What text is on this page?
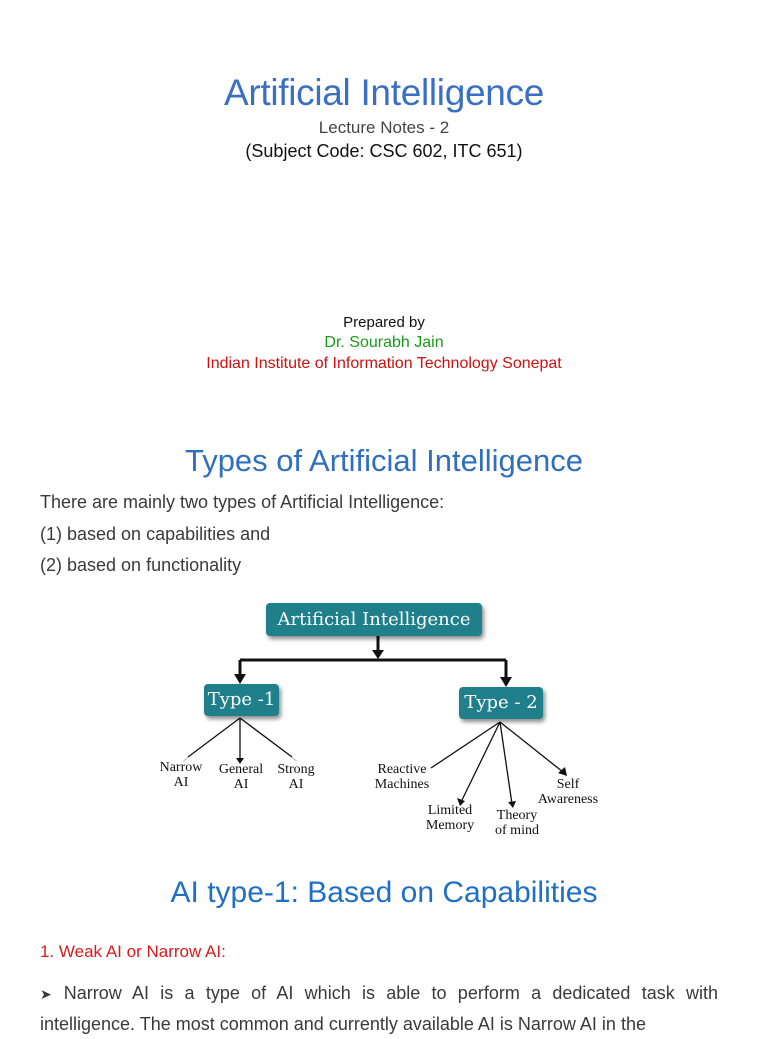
Artificial Intelligence
Lecture Notes - 2
(Subject Code: CSC 602, ITC 651)
Prepared by
Dr. Sourabh Jain
Indian Institute of Information Technology Sonepat
Types of Artificial Intelligence
There are mainly two types of Artificial Intelligence:
(1) based on capabilities and
(2) based on functionality
Artificial Intelligence
Type -1	Type - 2
Narrow
AI
General
AI
Strong
AI
Reactive
Machines
Limited
Memory
Theory
of mind
Self
Awareness
AI type-1: Based on Capabilities
1. Weak AI or Narrow AI:
➤ Narrow AI is a type of AI which is able to perform a dedicated task with intelligence. The most common and currently available AI is Narrow AI in the
